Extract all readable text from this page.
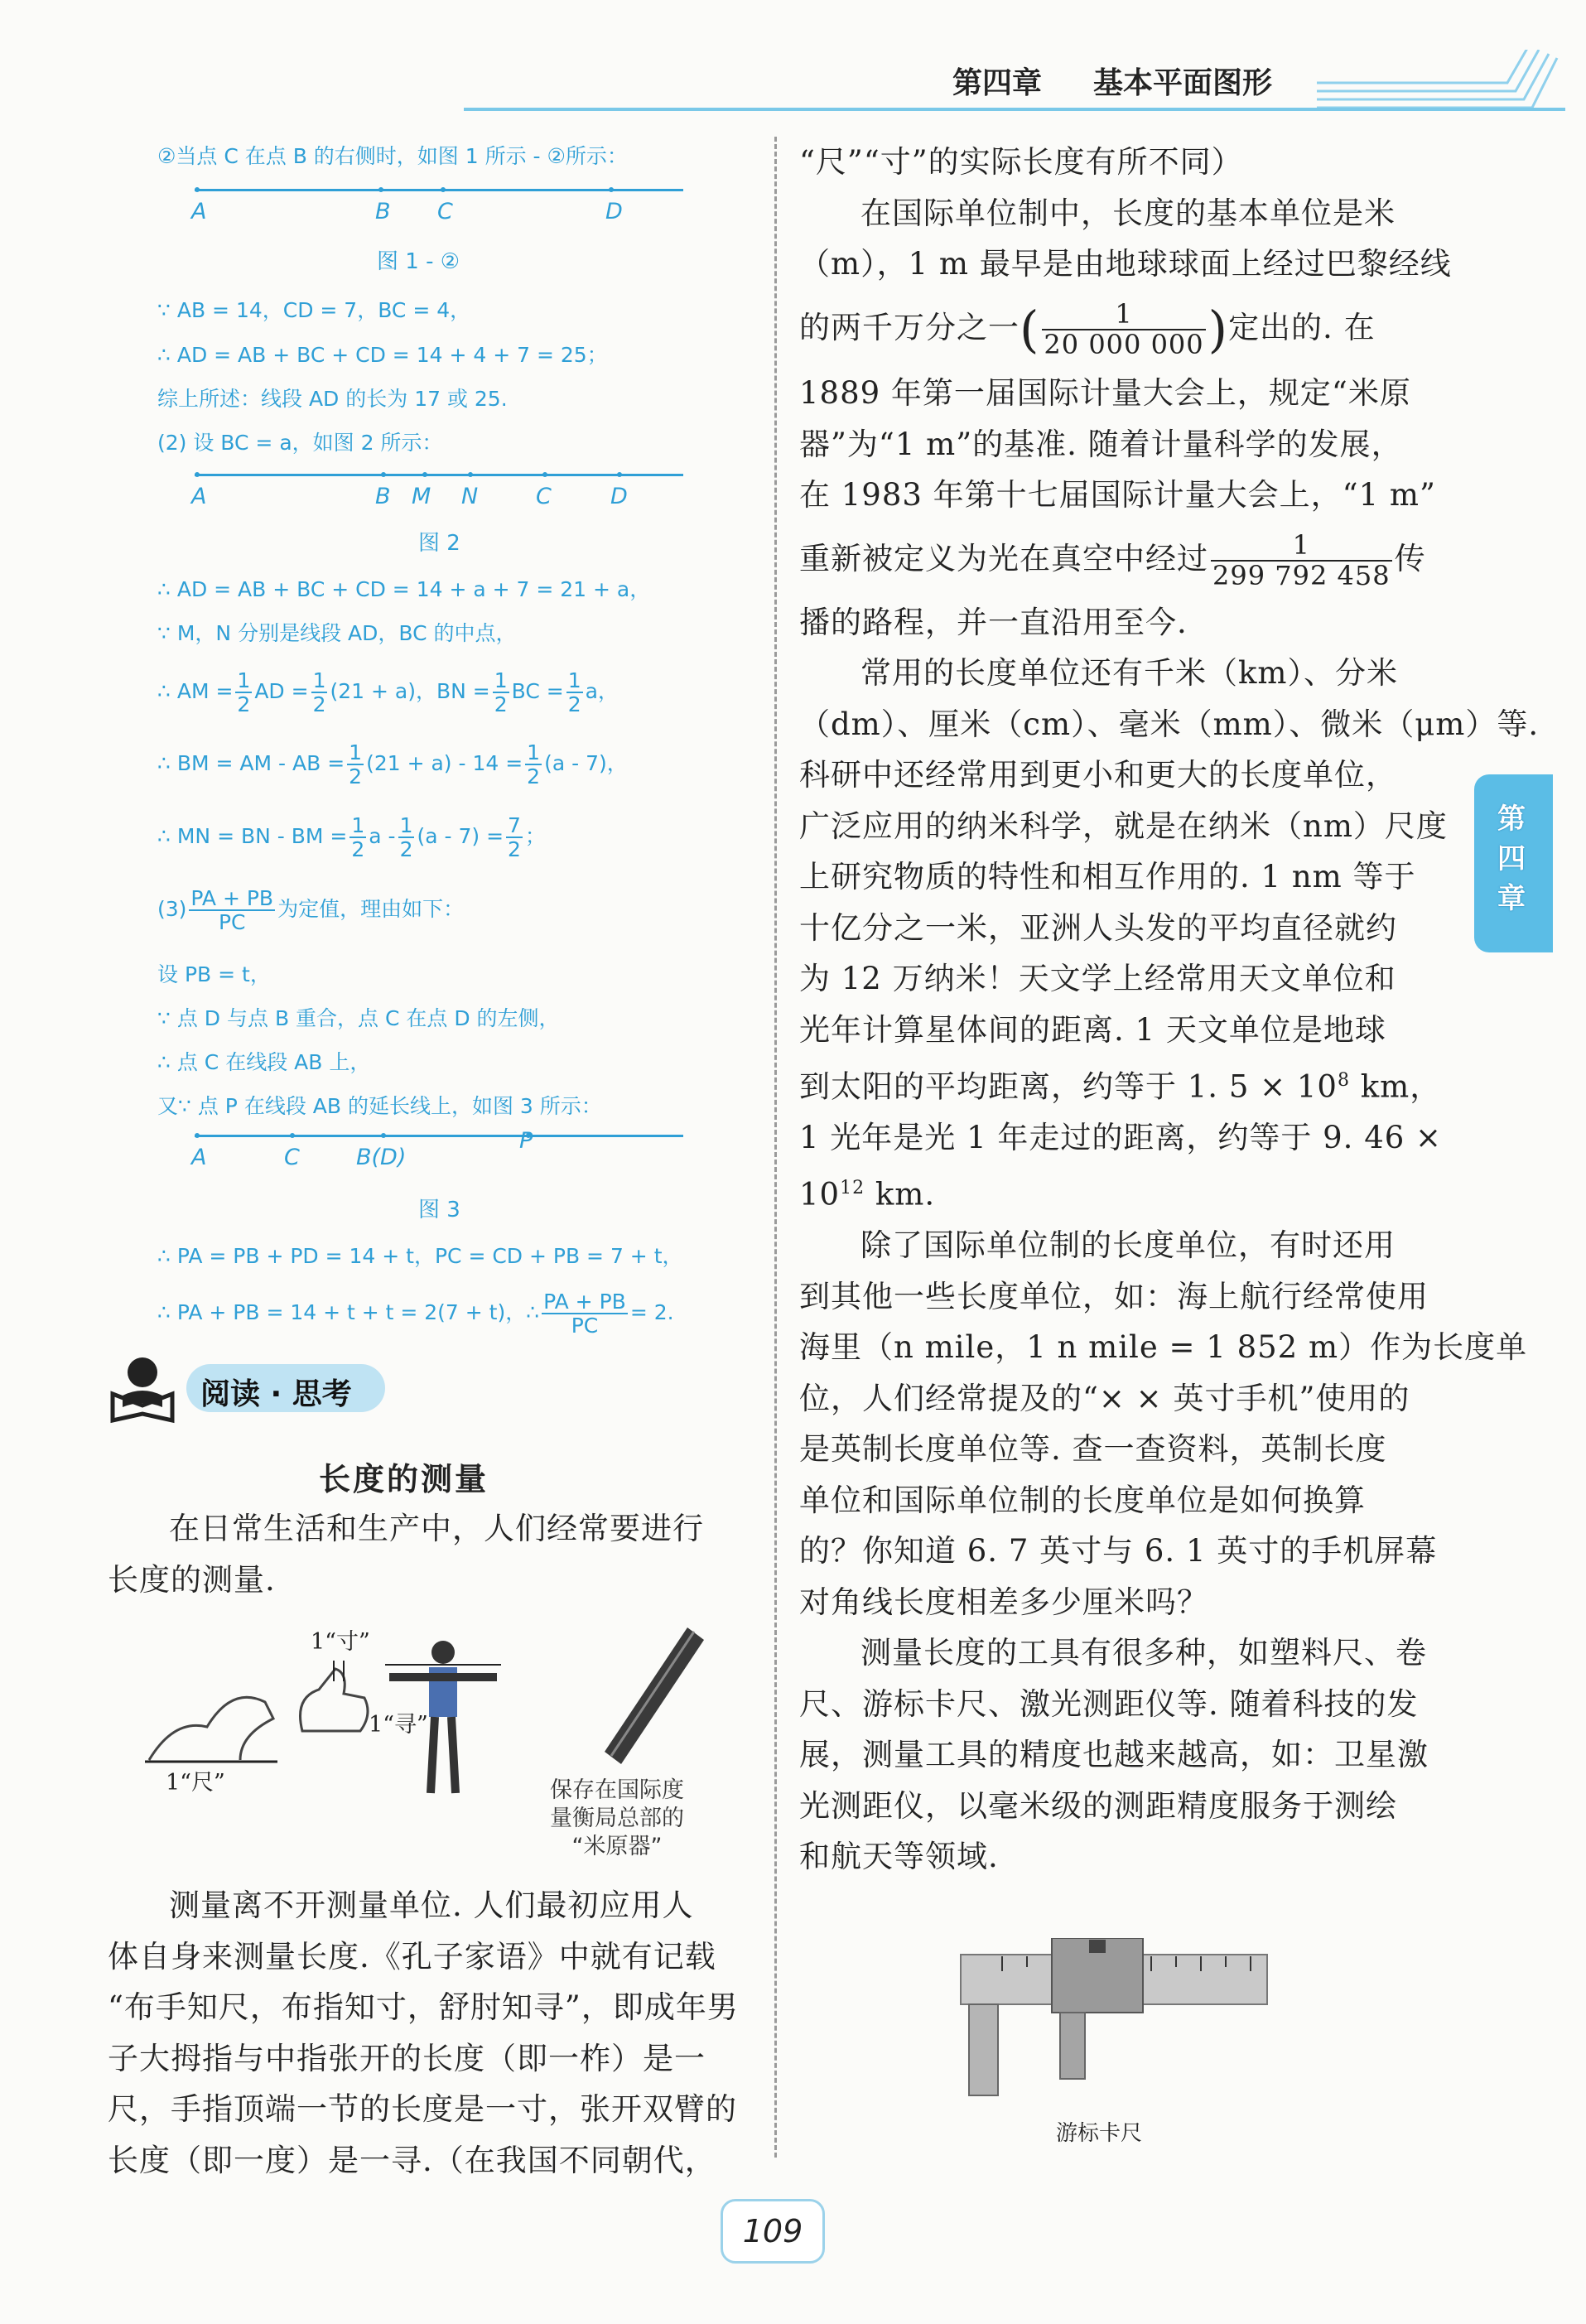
第四章 基本平面图形
第四章
②当点 C 在点 B 的右侧时，如图 1 所示 - ②所示：
A	B C	D
图 1 - ②
∵ AB = 14，CD = 7，BC = 4，
∴ AD = AB + BC + CD = 14 + 4 + 7 = 25；
综上所述：线段 AD 的长为 17 或 25.
(2) 设 BC = a，如图 2 所示：
A	B M N	C	D
图 2
∴ AD = AB + BC + CD = 14 + a + 7 = 21 + a，
∵ M，N 分别是线段 AD，BC 的中点，
∴ AM = $\frac{1}{2}$ AD = $\frac{1}{2} (21 + a)$，BN = $\frac{1}{2}$ BC = $\frac{1}{2}$ a，
∴ BM = AM - AB = $\frac{1}{2} (21 + a) - 14 = \frac{1}{2} (a - 7)$，
∴ MN = BN - BM = $\frac{1}{2}$ $a - \frac{1}{2} (a - 7) = \frac{7}{2}$ ；
$(3) \frac{PA + PB}{PC}$ 为定值，理由如下：
设 PB = t，
∵ 点 D 与点 B 重合，点 C 在点 D 的左侧，
∴ 点 C 在线段 AB 上，
又∵ 点 P 在线段 AB 的延长线上，如图 3 所示：
A	C	B(D)
P
图 3
∴ PA = PB + PD = 14 + t，PC = CD + PB = 7 + t，
∴ PA + PB = 14 + t + t = 2(7 + t)，∴ $\frac{PA + PB}{PC} = 2$.
阅读 · 思考
长度的测量

在日常生活和生产中，人们经常要进行

长度的测量.

1“寸”
1“寻”
1“尺”	保存在国际度
量衡局总部的
“米原器”

测量离不开测量单位. 人们最初应用人

体自身来测量长度.《孔子家语》中就有记载

“布手知尺，布指知寸，舒肘知寻”，即成年男

子大拇指与中指张开的长度（即一柞）是一

尺，手指顶端一节的长度是一寸，张开双臂的

长度（即一度）是一寻.（在我国不同朝代，

“尺”“寸”的实际长度有所不同）

在国际单位制中，长度的基本单位是米

（m），1 m 最早是由地球球面上经过巴黎经线

的两千万分之一( $\frac{1}{20 000 000}$ )定出的. 在

1889 年第一届国际计量大会上，规定“米原

器”为“1 m”的基准. 随着计量科学的发展，

在 1983 年第十七届国际计量大会上，“1 m”

重新被定义为光在真空中经过 $\frac{1}{299 792 458}$ 传

播的路程，并一直沿用至今.

常用的长度单位还有千米（km）、分米

（dm）、厘米（cm）、毫米（mm）、微米（μm）等.

科研中还经常用到更小和更大的长度单位，

广泛应用的纳米科学，就是在纳米（nm）尺度

上研究物质的特性和相互作用的. 1 nm 等于

十亿分之一米，亚洲人头发的平均直径就约

为 12 万纳米！天文学上经常用天文单位和

光年计算星体间的距离. 1 天文单位是地球

到太阳的平均距离，约等于 1. $5 \times 10^8$ km，

1 光年是光 1 年走过的距离，约等于 9. 46 ×

$10^{12}$ km.

除了国际单位制的长度单位，有时还用

到其他一些长度单位，如：海上航行经常使用

海里（n mile，1 n mile = 1 852 m）作为长度单

位，人们经常提及的“× × 英寸手机”使用的

是英制长度单位等. 查一查资料，英制长度

单位和国际单位制的长度单位是如何换算

的？你知道 6. 7 英寸与 6. 1 英寸的手机屏幕

对角线长度相差多少厘米吗？

测量长度的工具有很多种，如塑料尺、卷

尺、游标卡尺、激光测距仪等. 随着科技的发

展，测量工具的精度也越来越高，如：卫星激

光测距仪，以毫米级的测距精度服务于测绘

和航天等领域.

游标卡尺
109
